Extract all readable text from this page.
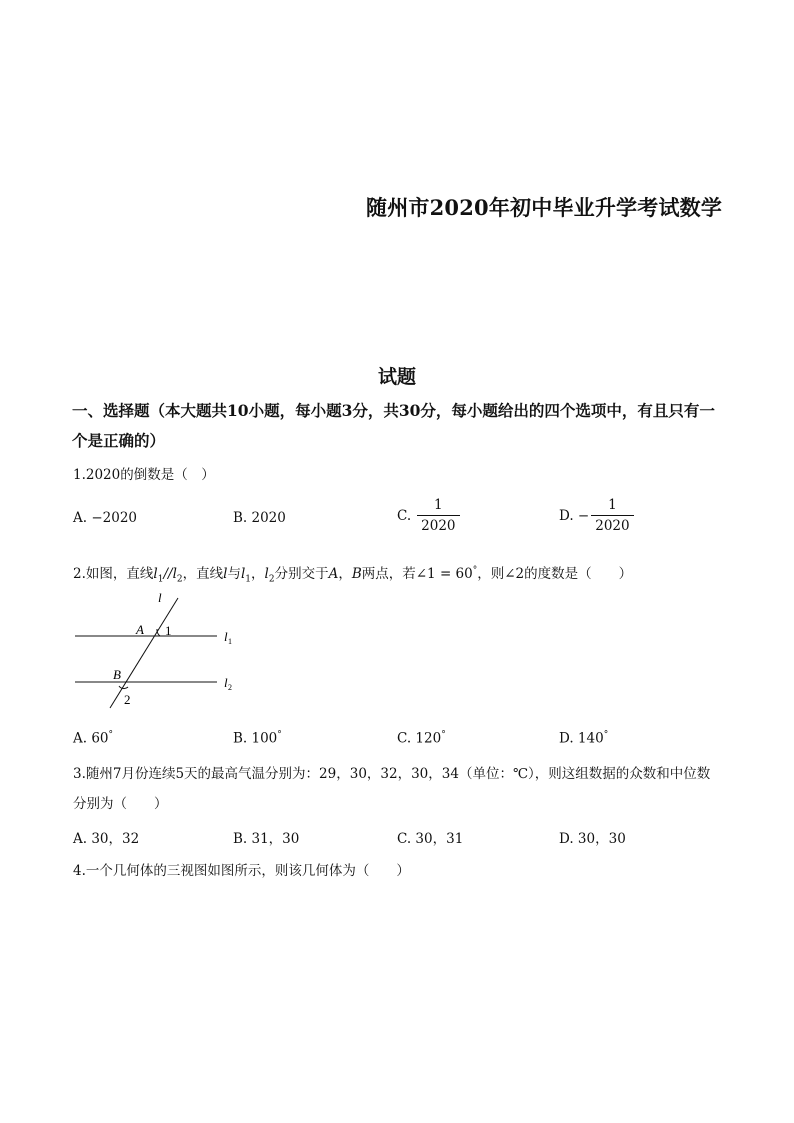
随州市2020年初中毕业升学考试数学
试题
一、选择题（本大题共10小题，每小题3分，共30分，每小题给出的四个选项中，有且只有一个是正确的）
1.2020的倒数是（　）
A. −2020	B. 2020	C. $\frac{1}{2020}$	D. − $\frac{1}{2020}$
2.如图，直线$l_1//l_2$，直线l与$l_1$，$l_2$分别交于A，B两点，若∠1 = 60°，则∠2的度数是（　　）
l
A 1	l 1
B
l 2
2
A. 60°	B. 100°	C. 120°	D. 140°
3.随州7月份连续5天的最高气温分别为：29，30，32，30，34（单位：℃），则这组数据的众数和中位数分别为（　　）
A. 30，32	B. 31，30	C. 30，31	D. 30，30
4.一个几何体的三视图如图所示，则该几何体为（　　）
